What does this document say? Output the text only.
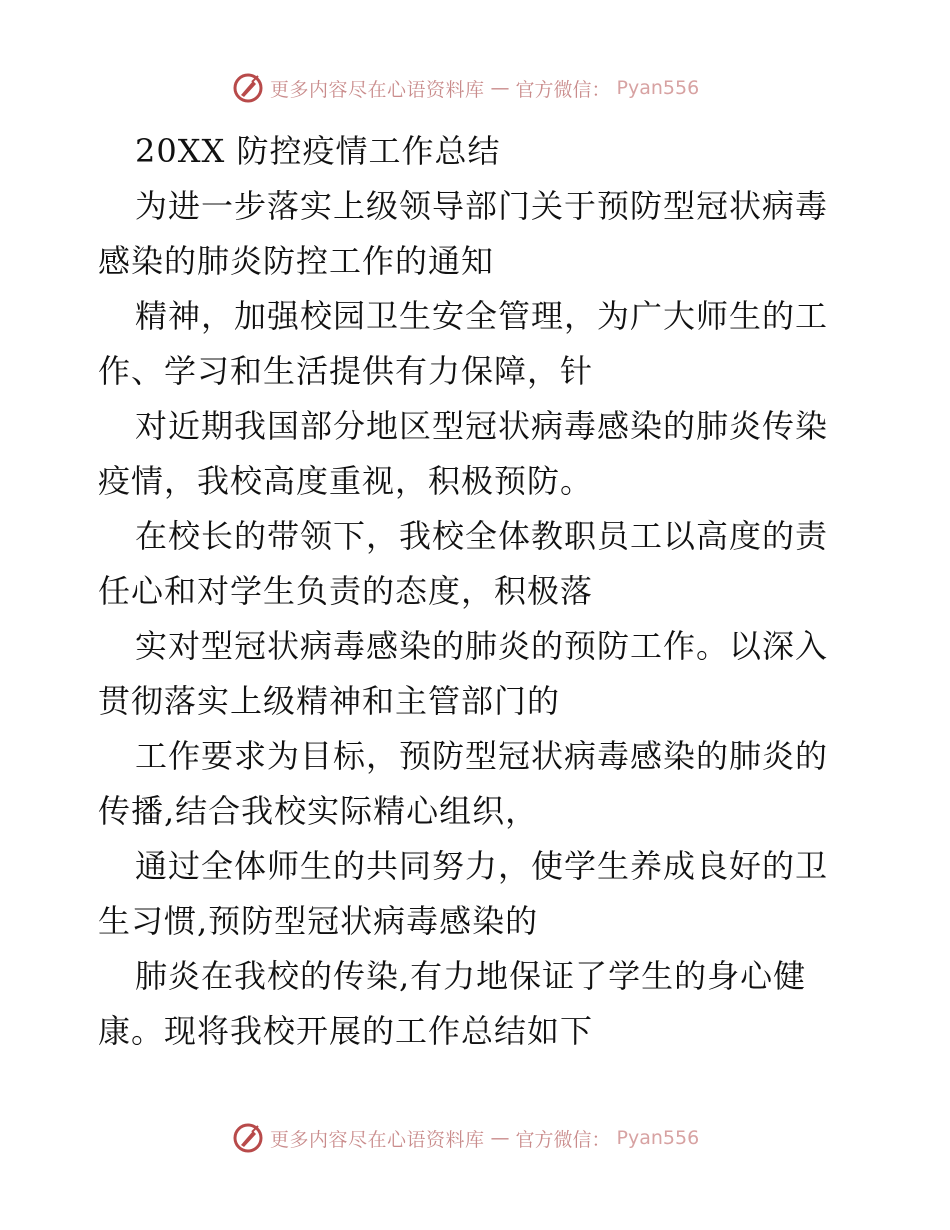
更多内容尽在心语资料库 — 官方微信： Pyan556
20XX 防控疫情工作总结
为进一步落实上级领导部门关于预防型冠状病毒
感染的肺炎防控工作的通知
精神，加强校园卫生安全管理，为广大师生的工
作、学习和生活提供有力保障，针
对近期我国部分地区型冠状病毒感染的肺炎传染
疫情，我校高度重视，积极预防。
在校长的带领下，我校全体教职员工以高度的责
任心和对学生负责的态度，积极落
实对型冠状病毒感染的肺炎的预防工作。以深入
贯彻落实上级精神和主管部门的
工作要求为目标，预防型冠状病毒感染的肺炎的
传播,结合我校实际精心组织，
通过全体师生的共同努力，使学生养成良好的卫
生习惯,预防型冠状病毒感染的
肺炎在我校的传染,有力地保证了学生的身心健
康。现将我校开展的工作总结如下
更多内容尽在心语资料库 — 官方微信： Pyan556
